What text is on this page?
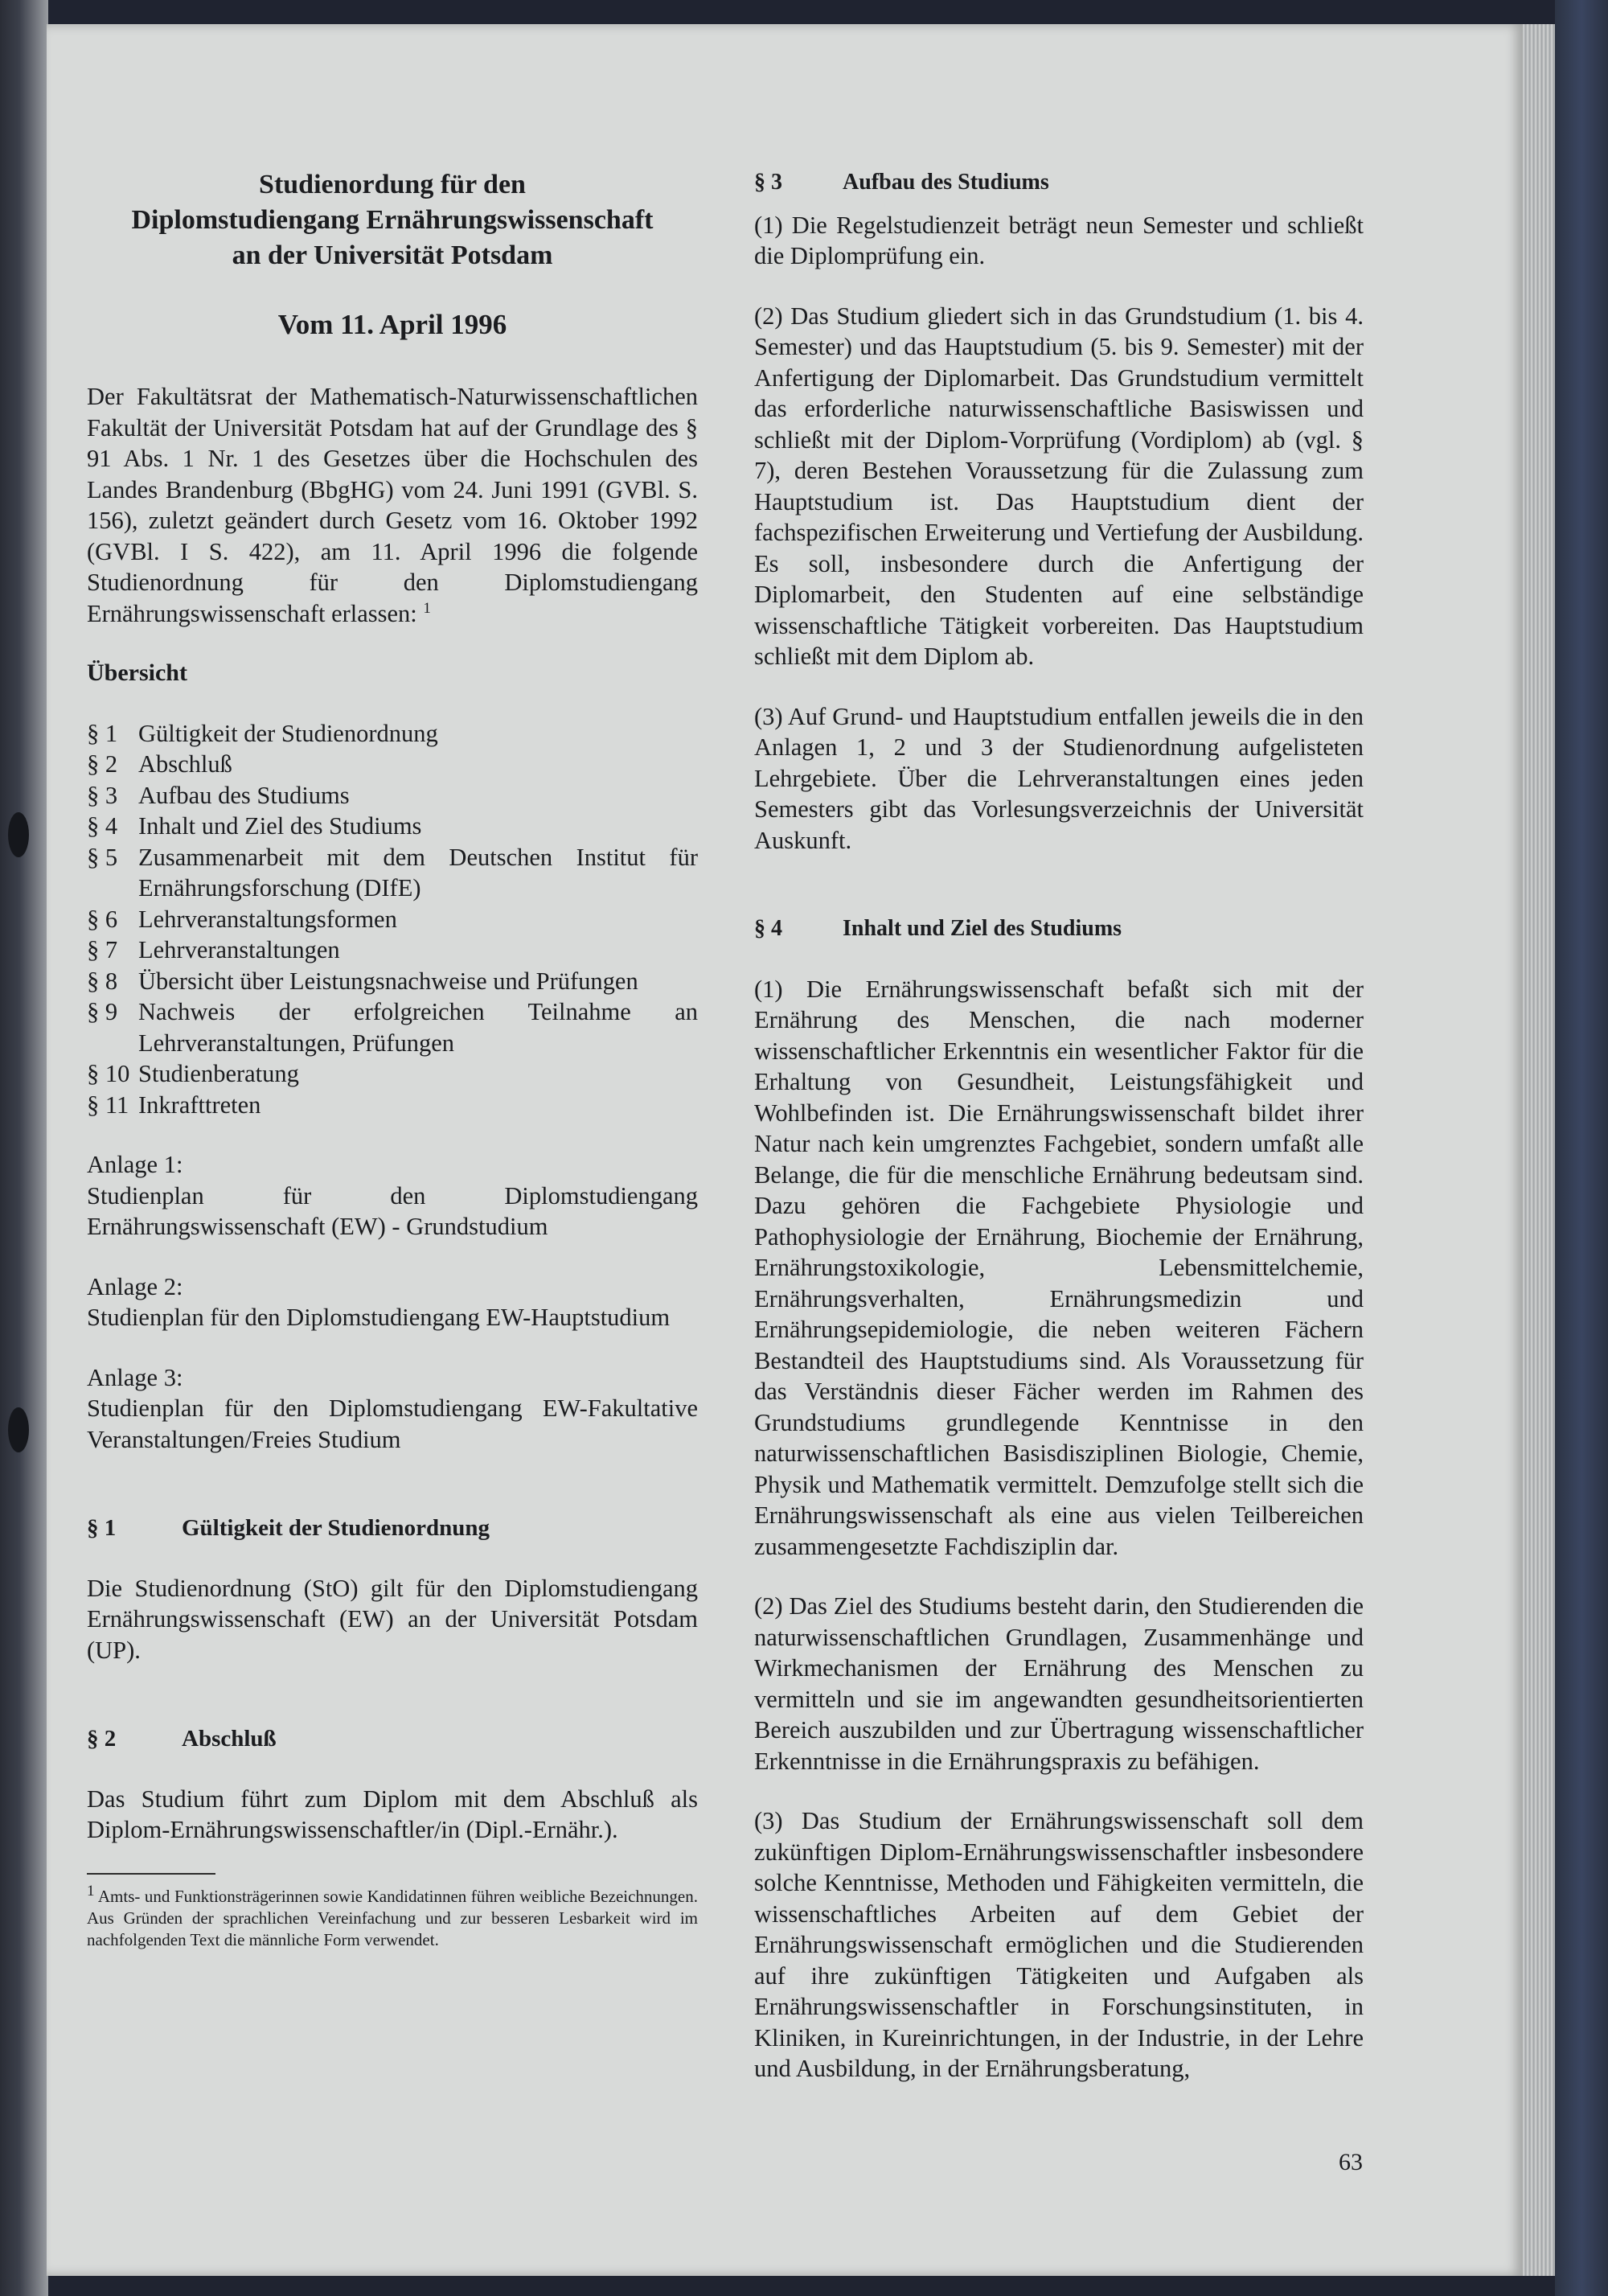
Studienordung für den

Diplomstudiengang Ernährungswissenschaft

an der Universität Potsdam

Vom 11. April 1996

Der Fakultätsrat der Mathematisch-Naturwissenschaftlichen Fakultät der Universität Potsdam hat auf der Grundlage des § 91 Abs. 1 Nr. 1 des Gesetzes über die Hochschulen des Landes Brandenburg (BbgHG) vom 24. Juni 1991 (GVBl. S. 156), zuletzt geändert durch Gesetz vom 16. Oktober 1992 (GVBl. I S. 422), am 11. April 1996 die folgende Studienordnung für den Diplomstudiengang Ernährungswissenschaft erlassen: $^1$

Übersicht

§ 1 Gültigkeit der Studienordnung
§ 2 Abschluß
§ 3 Aufbau des Studiums
§ 4 Inhalt und Ziel des Studiums
§ 5 Zusammenarbeit mit dem Deutschen Institut für Ernährungsforschung (DIfE)
§ 6 Lehrveranstaltungsformen
§ 7 Lehrveranstaltungen
§ 8 Übersicht über Leistungsnachweise und Prüfungen
§ 9 Nachweis der erfolgreichen Teilnahme an Lehrveranstaltungen, Prüfungen
§ 10 Studienberatung
§ 11 Inkrafttreten

Anlage 1:

Studienplan für den Diplomstudiengang Ernährungswissenschaft (EW) - Grundstudium

Anlage 2:

Studienplan für den Diplomstudiengang EW-Hauptstudium

Anlage 3:

Studienplan für den Diplomstudiengang EW-Fakultative Veranstaltungen/Freies Studium

§ 1	Gültigkeit der Studienordnung

Die Studienordnung (StO) gilt für den Diplomstudiengang Ernährungswissenschaft (EW) an der Universität Potsdam (UP).

§ 2	Abschluß

Das Studium führt zum Diplom mit dem Abschluß als Diplom-Ernährungswissenschaftler/in (Dipl.-Ernähr.).

$^1$ Amts- und Funktionsträgerinnen sowie Kandidatinnen führen weibliche Bezeichnungen. Aus Gründen der sprachlichen Vereinfachung und zur besseren Lesbarkeit wird im nachfolgenden Text die männliche Form verwendet.

§ 3	Aufbau des Studiums

(1) Die Regelstudienzeit beträgt neun Semester und schließt die Diplomprüfung ein.

(2) Das Studium gliedert sich in das Grundstudium (1. bis 4. Semester) und das Hauptstudium (5. bis 9. Semester) mit der Anfertigung der Diplomarbeit. Das Grundstudium vermittelt das erforderliche naturwissenschaftliche Basiswissen und schließt mit der Diplom-Vorprüfung (Vordiplom) ab (vgl. § 7), deren Bestehen Voraussetzung für die Zulassung zum Hauptstudium ist. Das Hauptstudium dient der fachspezifischen Erweiterung und Vertiefung der Ausbildung. Es soll, insbesondere durch die Anfertigung der Diplomarbeit, den Studenten auf eine selbständige wissenschaftliche Tätigkeit vorbereiten. Das Hauptstudium schließt mit dem Diplom ab.

(3) Auf Grund- und Hauptstudium entfallen jeweils die in den Anlagen 1, 2 und 3 der Studienordnung aufgelisteten Lehrgebiete. Über die Lehrveranstaltungen eines jeden Semesters gibt das Vorlesungsverzeichnis der Universität Auskunft.

§ 4	Inhalt und Ziel des Studiums

(1) Die Ernährungswissenschaft befaßt sich mit der Ernährung des Menschen, die nach moderner wissenschaftlicher Erkenntnis ein wesentlicher Faktor für die Erhaltung von Gesundheit, Leistungsfähigkeit und Wohlbefinden ist. Die Ernährungswissenschaft bildet ihrer Natur nach kein umgrenztes Fachgebiet, sondern umfaßt alle Belange, die für die menschliche Ernährung bedeutsam sind. Dazu gehören die Fachgebiete Physiologie und Pathophysiologie der Ernährung, Biochemie der Ernährung, Ernährungstoxikologie, Lebensmittelchemie, Ernährungsverhalten, Ernährungsmedizin und Ernährungsepidemiologie, die neben weiteren Fächern Bestandteil des Hauptstudiums sind. Als Voraussetzung für das Verständnis dieser Fächer werden im Rahmen des Grundstudiums grundlegende Kenntnisse in den naturwissenschaftlichen Basisdisziplinen Biologie, Chemie, Physik und Mathematik vermittelt. Demzufolge stellt sich die Ernährungswissenschaft als eine aus vielen Teilbereichen zusammengesetzte Fachdisziplin dar.

(2) Das Ziel des Studiums besteht darin, den Studierenden die naturwissenschaftlichen Grundlagen, Zusammenhänge und Wirkmechanismen der Ernährung des Menschen zu vermitteln und sie im angewandten gesundheitsorientierten Bereich auszubilden und zur Übertragung wissenschaftlicher Erkenntnisse in die Ernährungspraxis zu befähigen.

(3) Das Studium der Ernährungswissenschaft soll dem zukünftigen Diplom-Ernährungswissenschaftler insbesondere solche Kenntnisse, Methoden und Fähigkeiten vermitteln, die wissenschaftliches Arbeiten auf dem Gebiet der Ernährungswissenschaft ermöglichen und die Studierenden auf ihre zukünftigen Tätigkeiten und Aufgaben als Ernährungswissenschaftler in Forschungsinstituten, in Kliniken, in Kureinrichtungen, in der Industrie, in der Lehre und Ausbildung, in der Ernährungsberatung,

63
